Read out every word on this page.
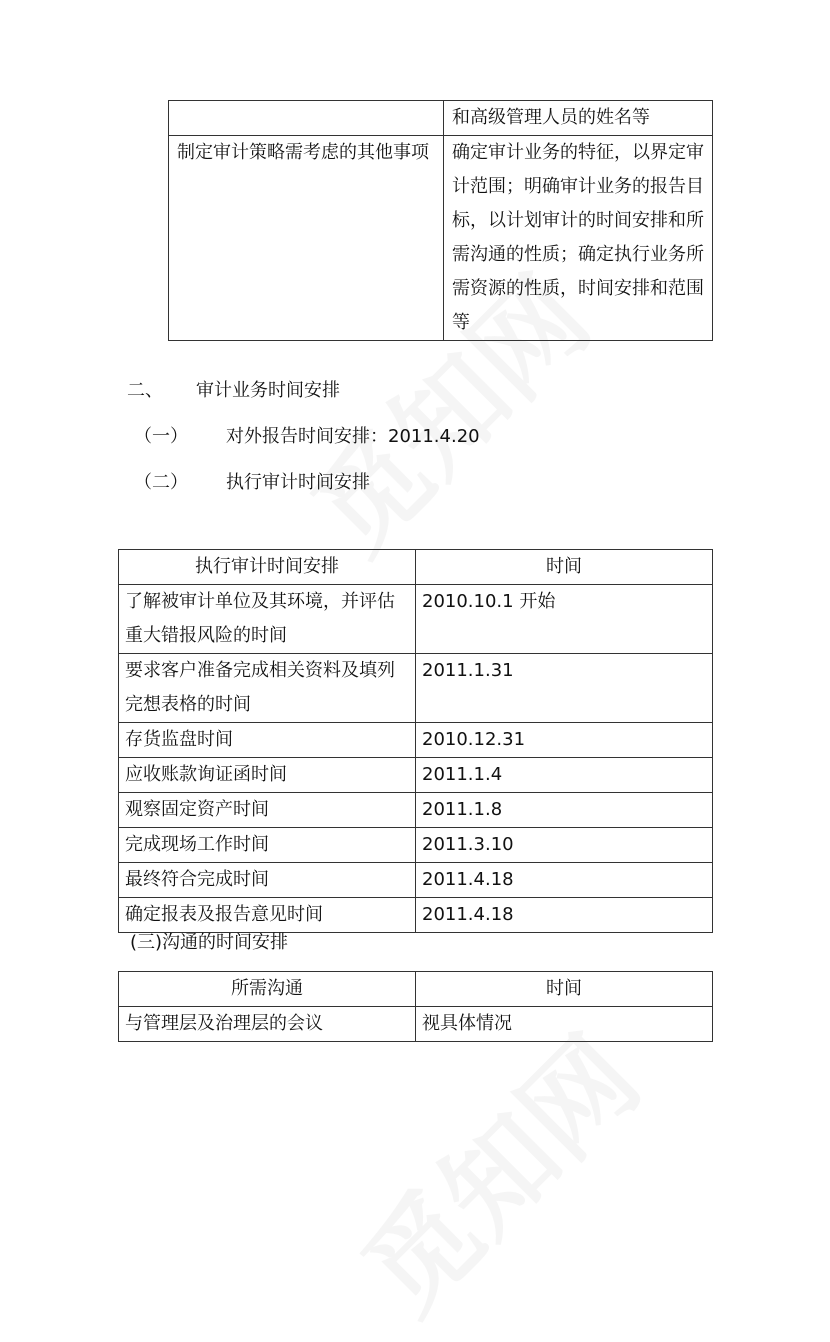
	和高级管理人员的姓名等
制定审计策略需考虑的其他事项	确定审计业务的特征，以界定审计范围；明确审计业务的报告目标，以计划审计的时间安排和所需沟通的性质；确定执行业务所需资源的性质，时间安排和范围等
二、 审计业务时间安排
（一） 对外报告时间安排：2011.4.20
（二） 执行审计时间安排
执行审计时间安排	时间
了解被审计单位及其环境，并评估重大错报风险的时间	2010.10.1 开始
要求客户准备完成相关资料及填列完想表格的时间	2011.1.31
存货监盘时间	2010.12.31
应收账款询证函时间	2011.1.4
观察固定资产时间	2011.1.8
完成现场工作时间	2011.3.10
最终符合完成时间	2011.4.18
确定报表及报告意见时间	2011.4.18
(三)沟通的时间安排
所需沟通	时间
与管理层及治理层的会议	视具体情况
